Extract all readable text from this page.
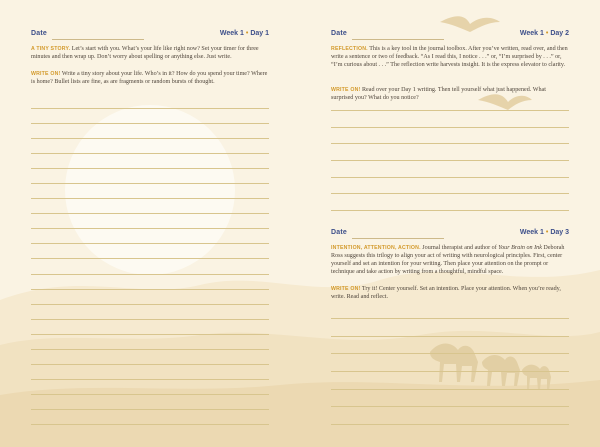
Date	Week 1 • Day 1

A TINY STORY. Let’s start with you. What’s your life like right now? Set your timer for three minutes and then wrap up. Don’t worry about spelling or anything else. Just write.

WRITE ON! Write a tiny story about your life. Who’s in it? How do you spend your time? Where is home? Bullet lists are fine, as are fragments or random bursts of thought.

Date	Week 1 • Day 2

REFLECTION. This is a key tool in the journal toolbox. After you’ve written, read over, and then write a sentence or two of feedback. “As I read this, I notice . . .” or, “I’m surprised by . . .” or, “I’m curious about . . .” The reflection write harvests insight. It is the express elevator to clarity.

WRITE ON! Read over your Day 1 writing. Then tell yourself what just happened. What surprised you? What do you notice?

Date	Week 1 • Day 3

INTENTION, ATTENTION, ACTION. Journal therapist and author of Your Brain on Ink Deborah Ross suggests this trilogy to align your act of writing with neurological principles. First, center yourself and set an intention for your writing. Then place your attention on the prompt or technique and take action by writing from a thoughtful, mindful space.

WRITE ON! Try it! Center yourself. Set an intention. Place your attention. When you’re ready, write. Read and reflect.
